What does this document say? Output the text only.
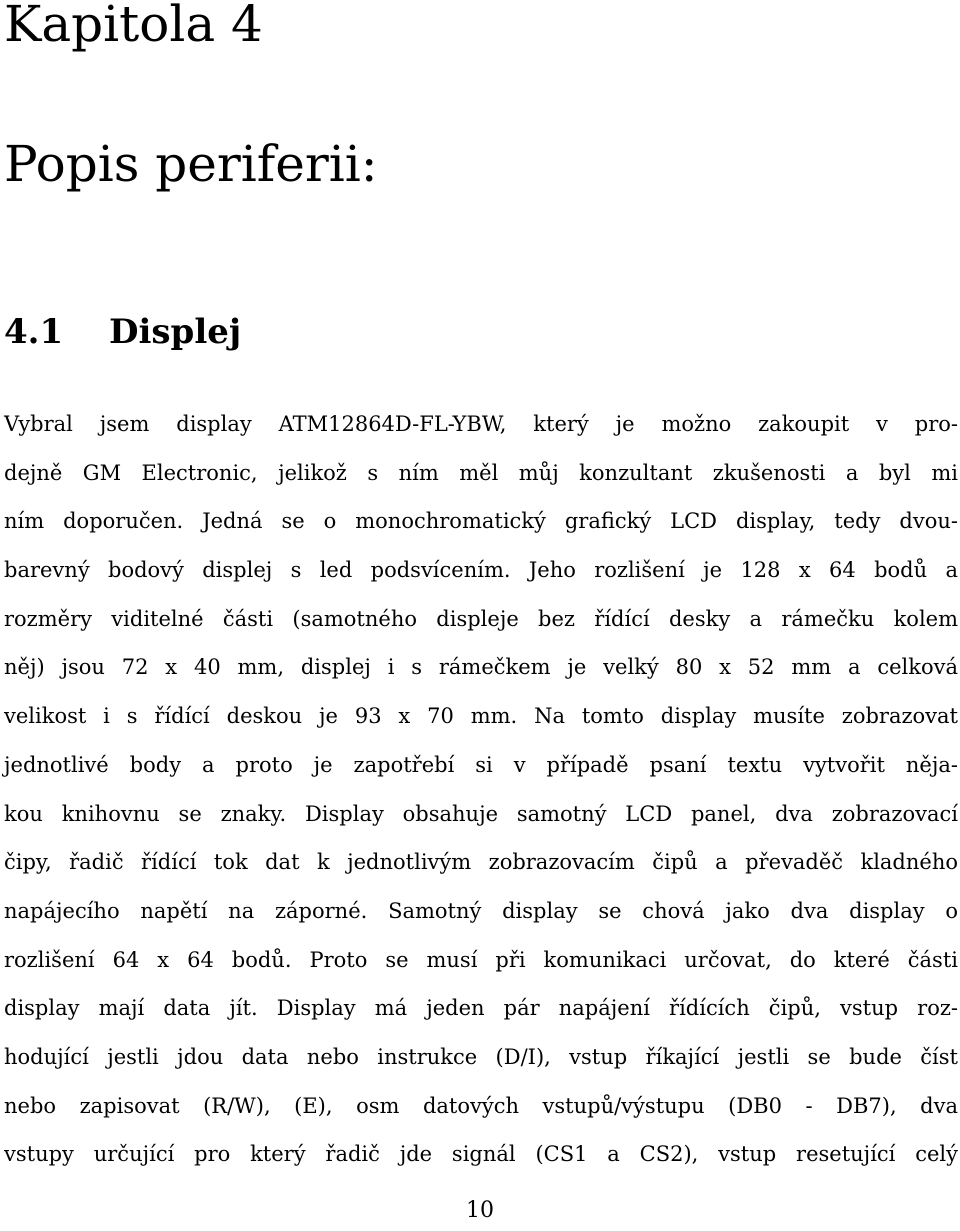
Kapitola 4
Popis periferii:
4.1 Displej
Vybral jsem display ATM12864D-FL-YBW, který je možno zakoupit v pro-
dejně GM Electronic, jelikož s ním měl můj konzultant zkušenosti a byl mi
ním doporučen. Jedná se o monochromatický grafický LCD display, tedy dvou-
barevný bodový displej s led podsvícením. Jeho rozlišení je 128 x 64 bodů a
rozměry viditelné části (samotného displeje bez řídící desky a rámečku kolem
něj) jsou 72 x 40 mm, displej i s rámečkem je velký 80 x 52 mm a celková
velikost i s řídící deskou je 93 x 70 mm. Na tomto display musíte zobrazovat
jednotlivé body a proto je zapotřebí si v případě psaní textu vytvořit něja-
kou knihovnu se znaky. Display obsahuje samotný LCD panel, dva zobrazovací
čipy, řadič řídící tok dat k jednotlivým zobrazovacím čipů a převaděč kladného
napájecího napětí na záporné. Samotný display se chová jako dva display o
rozlišení 64 x 64 bodů. Proto se musí při komunikaci určovat, do které části
display mají data jít. Display má jeden pár napájení řídících čipů, vstup roz-
hodující jestli jdou data nebo instrukce (D/I), vstup říkající jestli se bude číst
nebo zapisovat (R/W), (E), osm datových vstupů/výstupu (DB0 - DB7), dva
vstupy určující pro který řadič jde signál (CS1 a CS2), vstup resetující celý
10
